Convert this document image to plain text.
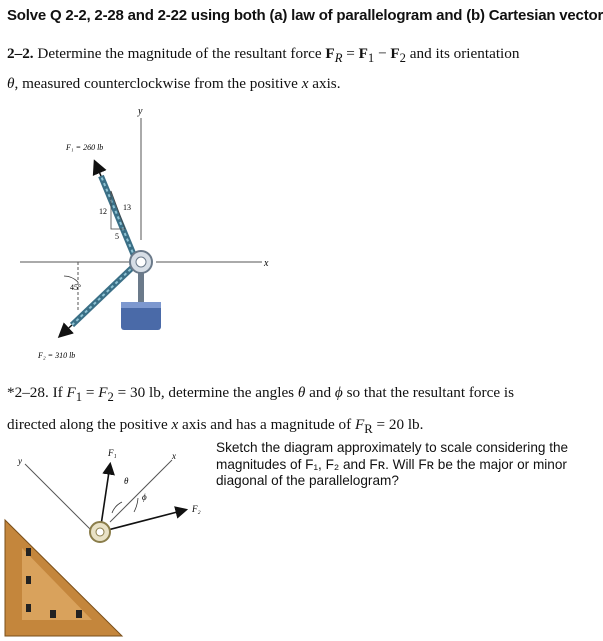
Solve Q 2-2, 2-28 and 2-22 using both (a) law of parallelogram and (b) Cartesian vector
2–2. Determine the magnitude of the resultant force $F_R = F_1 - F_2$ and its orientation
θ, measured counterclockwise from the positive x axis.
y
x
45°
F₁ = 260 lb
12 13
5
F₂ = 310 lb
y	x
F₁
F₂
θ
ϕ
*2–28. If $F_1 = F_2 = 30$ lb, determine the angles θ and ϕ so that the resultant force is
directed along the positive x axis and has a magnitude of $F_R = 20$ lb.
Sketch the diagram approximately to scale considering the magnitudes of F₁, F₂ and Fʀ. Will Fʀ be the major or minor diagonal of the parallelogram?
